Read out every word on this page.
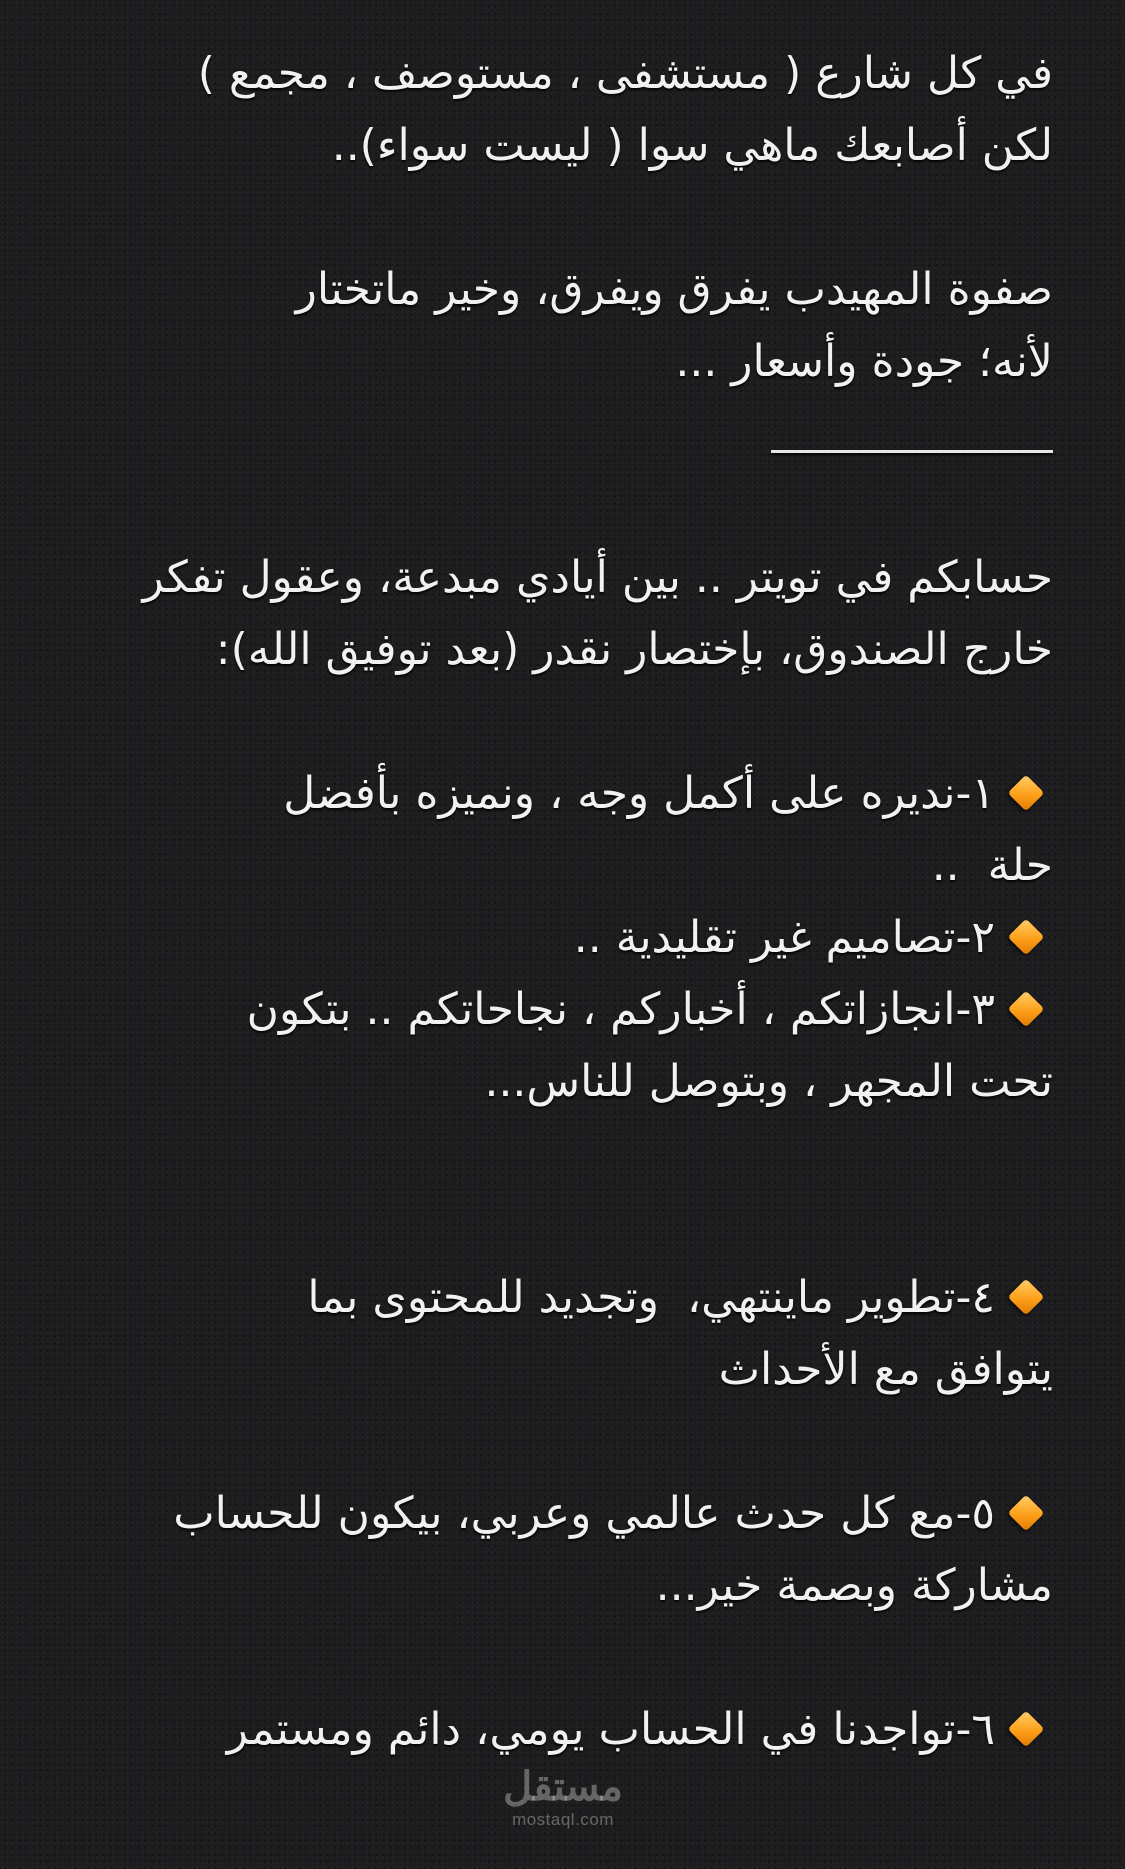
في كل شارع ( مستشفى ، مستوصف ، مجمع )
لكن أصابعك ماهي سوا ( ليست سواء)..
صفوة المهيدب يفرق ويفرق، وخير ماتختار
لأنه؛ جودة وأسعار ...
حسابكم في تويتر .. بين أيادي مبدعة، وعقول تفكر
خارج الصندوق، بإختصار نقدر (بعد توفيق الله):
١-نديره على أكمل وجه ، ونميزه بأفضل
حلة  ..
٢-تصاميم غير تقليدية ..
٣-انجازاتكم ، أخباركم ، نجاحاتكم .. بتكون
تحت المجهر ، وبتوصل للناس...
٤-تطوير ماينتهي،  وتجديد للمحتوى بما
يتوافق مع الأحداث
٥-مع كل حدث عالمي وعربي، بيكون للحساب
مشاركة وبصمة خير...
٦-تواجدنا في الحساب يومي، دائم ومستمر
مستقل
mostaql.com
